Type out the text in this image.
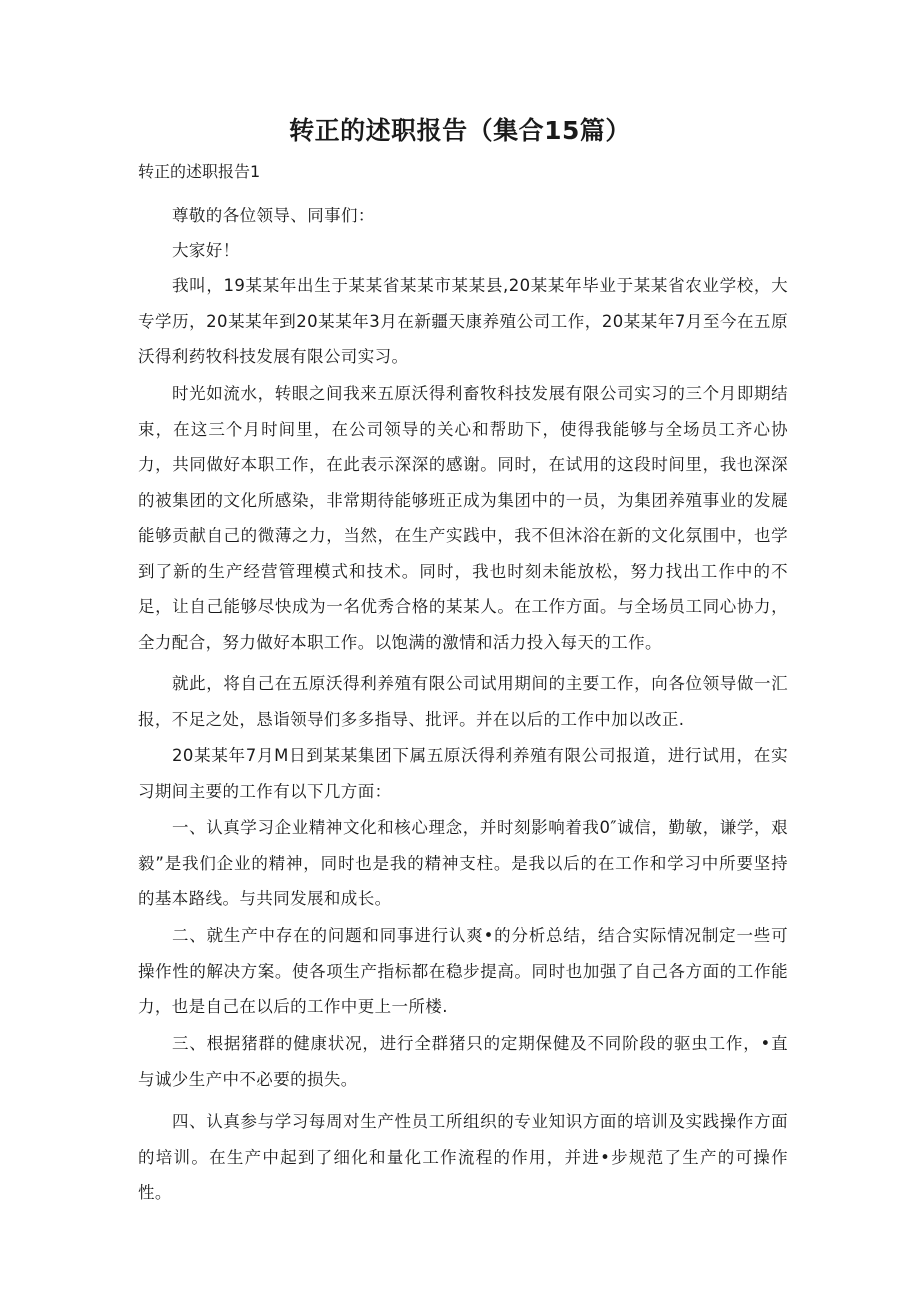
转正的述职报告（集合15篇）
转正的述职报告1

尊敬的各位领导、同事们：

大家好！

我叫，19某某年出生于某某省某某市某某县,20某某年毕业于某某省农业学校，大专学历，20某某年到20某某年3月在新疆天康养殖公司工作，20某某年7月至今在五原沃得利药牧科技发展有限公司实习。

时光如流水，转眼之间我来五原沃得利畜牧科技发展有限公司实习的三个月即期结束，在这三个月时间里，在公司领导的关心和帮助下，使得我能够与全场员工齐心协力，共同做好本职工作，在此表示深深的感谢。同时，在试用的这段时间里，我也深深的被集团的文化所感染，非常期待能够班正成为集团中的一员，为集团养殖事业的发屣能够贡献自己的微薄之力，当然，在生产实践中，我不但沐浴在新的文化氛围中，也学到了新的生产经营管理模式和技术。同时，我也时刻未能放松，努力找出工作中的不足，让自己能够尽快成为一名优秀合格的某某人。在工作方面。与全场员工同心协力，全力配合，努力做好本职工作。以饱满的激情和活力投入每天的工作。

就此，将自己在五原沃得利养殖有限公司试用期间的主要工作，向各位领导做一汇报，不足之处，恳诣领导们多多指导、批评。并在以后的工作中加以改正.

20某某年7月M日到某某集团下属五原沃得利养殖有限公司报道，进行试用，在实习期间主要的工作有以下几方面：

一、认真学习企业精神文化和核心理念，并时刻影响着我0″诚信，勤敏，谦学，艰毅”是我们企业的精神，同时也是我的精神支柱。是我以后的在工作和学习中所要坚持的基本路线。与共同发展和成长。

二、就生产中存在的问题和同事进行认爽•的分析总结，结合实际情况制定一些可操作性的解决方案。使各项生产指标都在稳步提高。同时也加强了自己各方面的工作能力，也是自己在以后的工作中更上一所楼.

三、根据猪群的健康状况，进行全群猪只的定期保健及不同阶段的驱虫工作，•直与诚少生产中不必要的损失。

四、认真参与学习每周对生产性员工所组织的专业知识方面的培训及实践操作方面的培训。在生产中起到了细化和量化工作流程的作用，并进•步规范了生产的可操作性。
